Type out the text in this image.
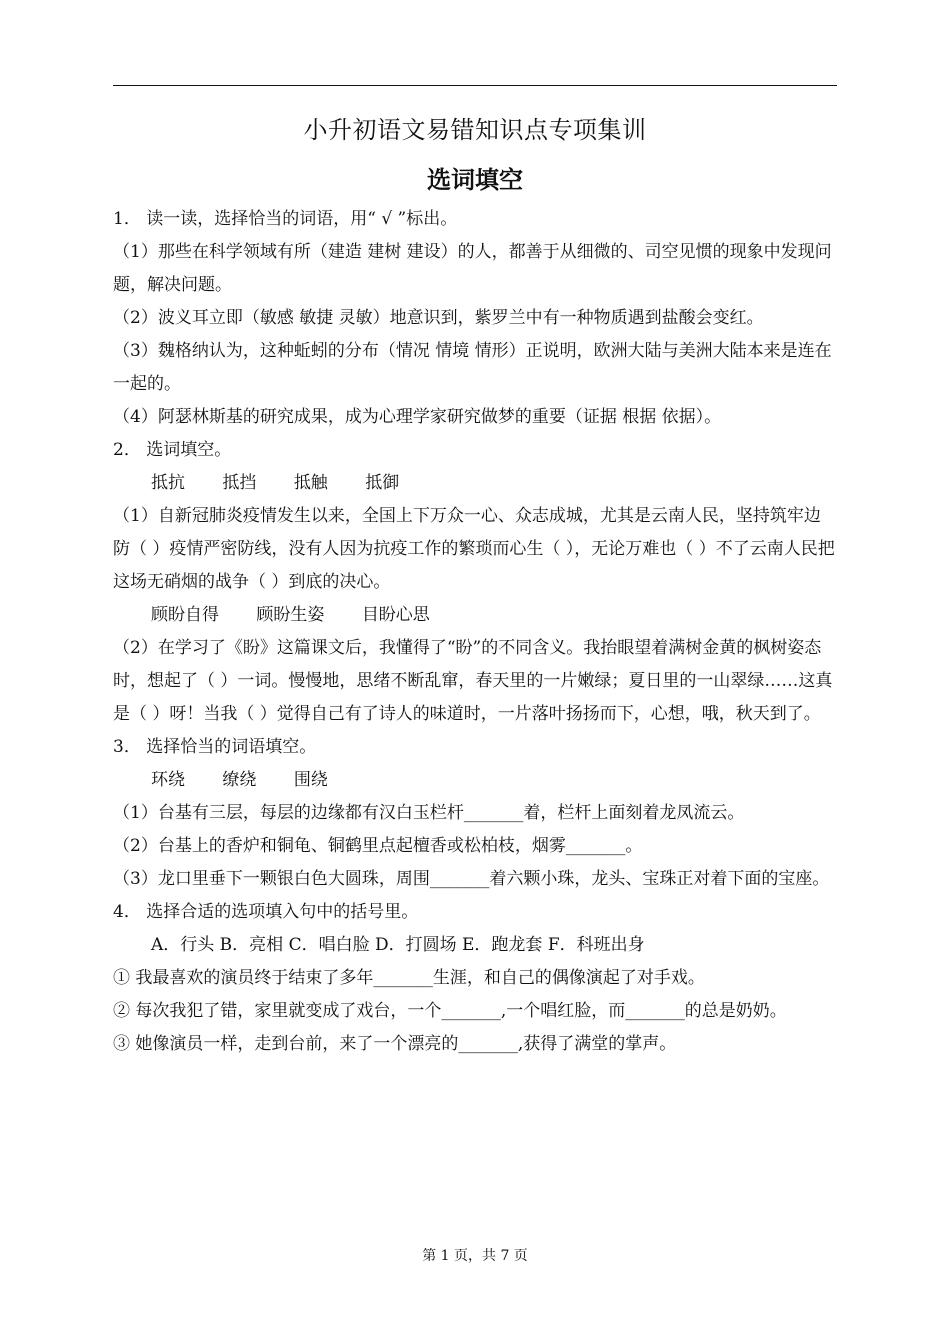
小升初语文易错知识点专项集训
选词填空

1． 读一读，选择恰当的词语，用“ √ ”标出。

（1）那些在科学领域有所（建造 建树 建设）的人，都善于从细微的、司空见惯的现象中发现问题，解决问题。

（2）波义耳立即（敏感 敏捷 灵敏）地意识到，紫罗兰中有一种物质遇到盐酸会变红。

（3）魏格纳认为，这种蚯蚓的分布（情况 情境 情形）正说明，欧洲大陆与美洲大陆本来是连在一起的。

（4）阿瑟林斯基的研究成果，成为心理学家研究做梦的重要（证据 根据 依据）。

2． 选词填空。

抵抗 抵挡 抵触 抵御

（1）自新冠肺炎疫情发生以来，全国上下万众一心、众志成城，尤其是云南人民，坚持筑牢边防（ ）疫情严密防线，没有人因为抗疫工作的繁琐而心生（ ），无论万难也（ ）不了云南人民把这场无硝烟的战争（ ）到底的决心。

顾盼自得 顾盼生姿 目盼心思

（2）在学习了《盼》这篇课文后，我懂得了“盼”的不同含义。我抬眼望着满树金黄的枫树姿态时，想起了（ ）一词。慢慢地，思绪不断乱窜，春天里的一片嫩绿；夏日里的一山翠绿……这真是（ ）呀！当我（ ）觉得自己有了诗人的味道时，一片落叶扬扬而下，心想，哦，秋天到了。

3． 选择恰当的词语填空。

环绕 缭绕 围绕

（1）台基有三层，每层的边缘都有汉白玉栏杆_______着，栏杆上面刻着龙凤流云。

（2）台基上的香炉和铜龟、铜鹤里点起檀香或松柏枝，烟雾_______。

（3）龙口里垂下一颗银白色大圆珠，周围_______着六颗小珠，龙头、宝珠正对着下面的宝座。

4． 选择合适的选项填入句中的括号里。

A．行头 B．亮相 C．唱白脸 D．打圆场 E．跑龙套 F．科班出身

① 我最喜欢的演员终于结束了多年_______生涯，和自己的偶像演起了对手戏。

② 每次我犯了错，家里就变成了戏台，一个_______,一个唱红脸，而_______的总是奶奶。

③ 她像演员一样，走到台前，来了一个漂亮的_______,获得了满堂的掌声。

第 1 页，共 7 页
